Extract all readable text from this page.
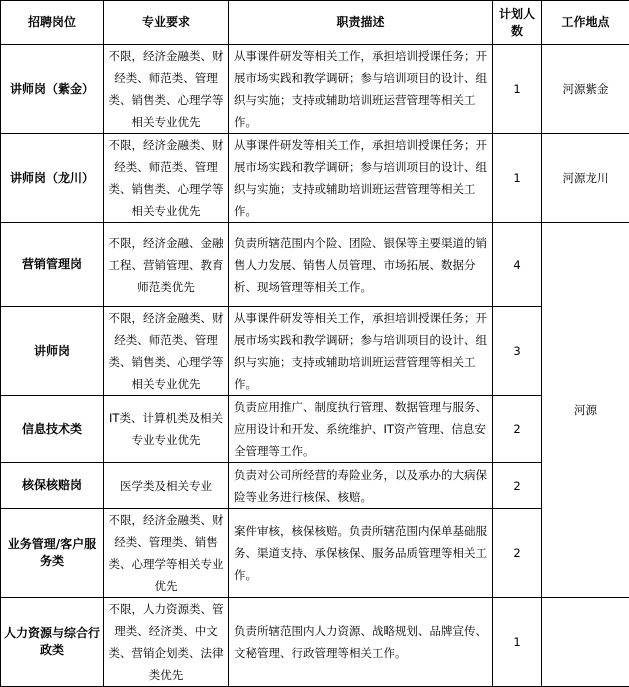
招聘岗位	专业要求	职责描述	计划人数	工作地点
讲师岗（紫金）	不限，经济金融类、财经类、师范类、管理类、销售类、心理学等相关专业优先	从事课件研发等相关工作，承担培训授课任务；开展市场实践和教学调研；参与培训项目的设计、组织与实施；支持或辅助培训班运营管理等相关工作。	1	河源紫金
讲师岗（龙川）	不限，经济金融类、财经类、师范类、管理类、销售类、心理学等相关专业优先	从事课件研发等相关工作，承担培训授课任务；开展市场实践和教学调研；参与培训项目的设计、组织与实施；支持或辅助培训班运营管理等相关工作。	1	河源龙川
营销管理岗	不限，经济金融、金融工程、营销管理、教育师范类优先	负责所辖范围内个险、团险、银保等主要渠道的销售人力发展、销售人员管理、市场拓展、数据分析、现场管理等相关工作。	4	河源
讲师岗	不限，经济金融类、财经类、师范类、管理类、销售类、心理学等相关专业优先	从事课件研发等相关工作，承担培训授课任务；开展市场实践和教学调研；参与培训项目的设计、组织与实施；支持或辅助培训班运营管理等相关工作。	3	
信息技术类	IT类、计算机类及相关专业专业优先	负责应用推广、制度执行管理、数据管理与服务、应用设计和开发、系统维护、IT资产管理、信息安全管理等工作。	2	
核保核赔岗	医学类及相关专业	负责对公司所经营的寿险业务，以及承办的大病保险等业务进行核保、核赔。	2	
业务管理/客户服务类	不限，经济金融类、财经类、管理类、销售类、心理学等相关专业优先	案件审核，核保核赔。负责所辖范围内保单基础服务、渠道支持、承保核保、服务品质管理等相关工作。	2	
人力资源与综合行政类	不限，人力资源类、管理类、经济类、中文类、营销企划类、法律类优先	负责所辖范围内人力资源、战略规划、品牌宣传、文秘管理、行政管理等相关工作。	1	
